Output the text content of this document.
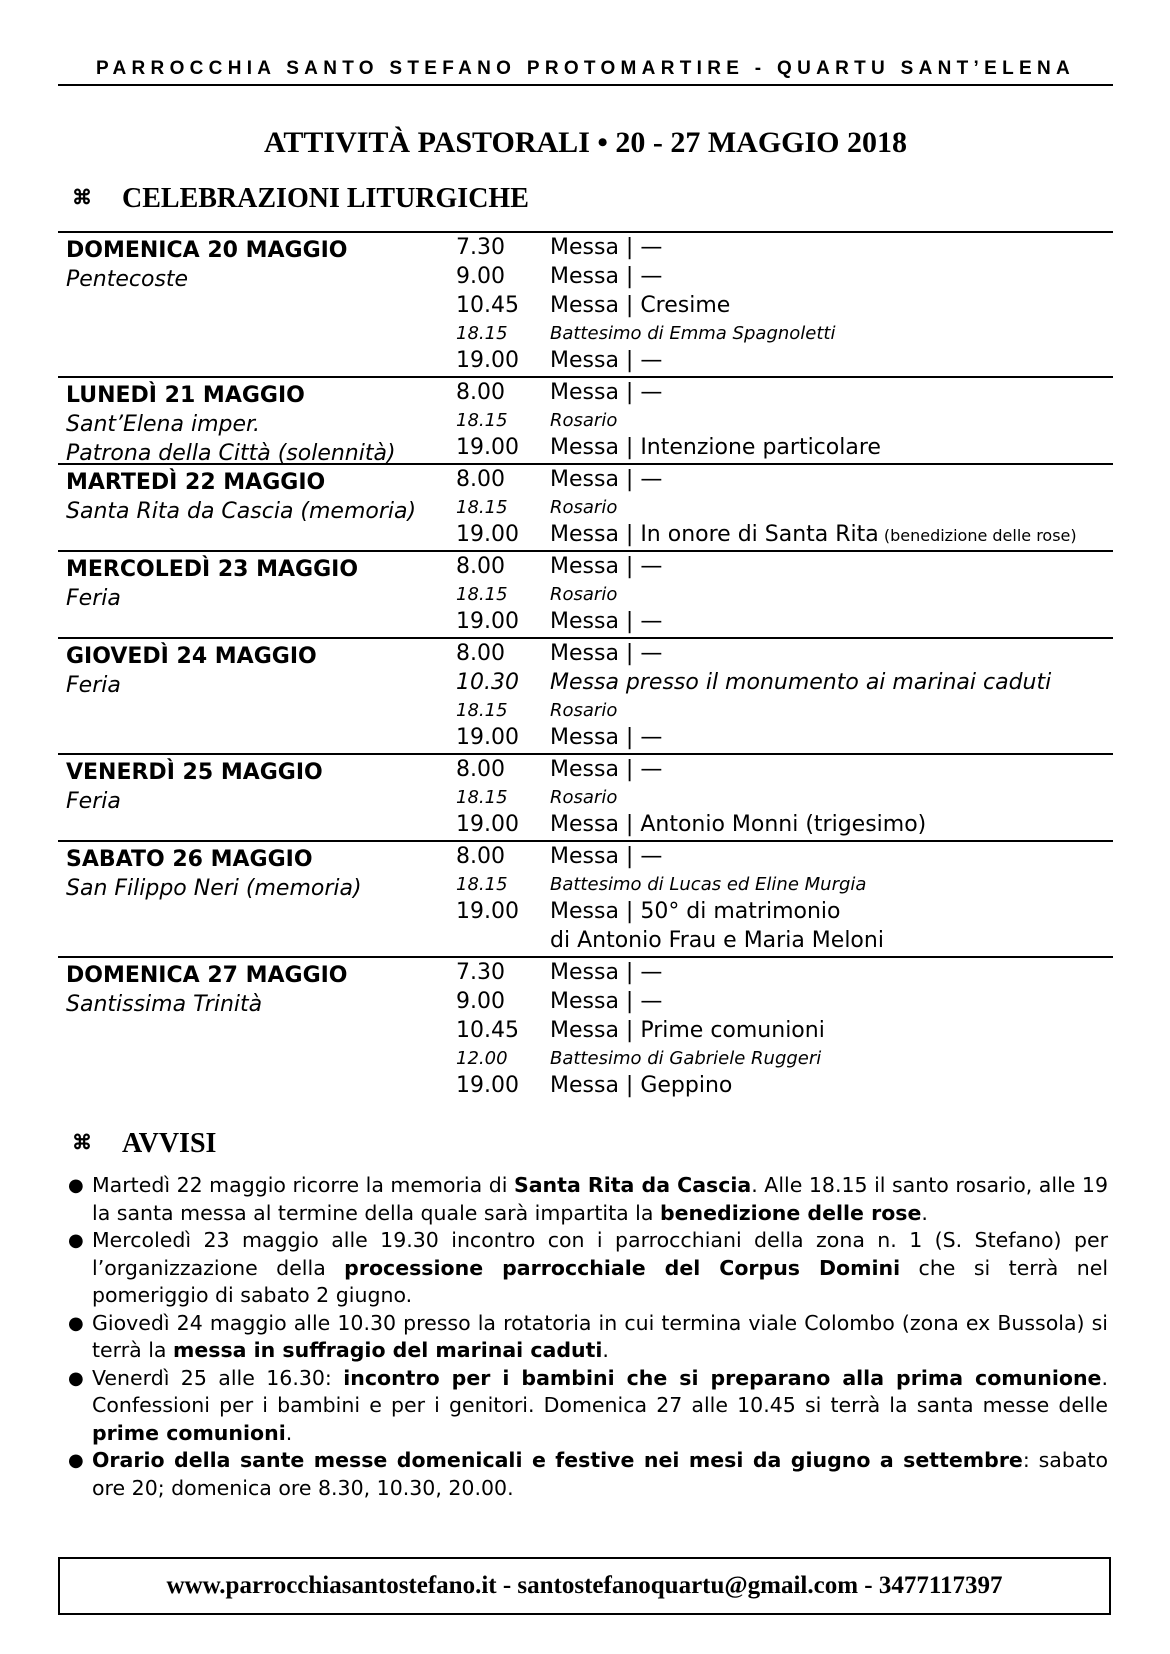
PARROCCHIA SANTO STEFANO PROTOMARTIRE - QUARTU SANT’ELENA
ATTIVITÀ PASTORALI • 20 - 27 MAGGIO 2018
⌘ CELEBRAZIONI LITURGICHE
DOMENICA 20 MAGGIO
Pentecoste
7.30	Messa | —
9.00	Messa | —
10.45	Messa | Cresime
18.15	Battesimo di Emma Spagnoletti
19.00	Messa | —
LUNEDÌ 21 MAGGIO
Sant’Elena imper.
Patrona della Città (solennità)
8.00	Messa | —
18.15	Rosario
19.00	Messa | Intenzione particolare
MARTEDÌ 22 MAGGIO
Santa Rita da Cascia (memoria)
8.00	Messa | —
18.15	Rosario
19.00	Messa | In onore di Santa Rita (benedizione delle rose)
MERCOLEDÌ 23 MAGGIO
Feria
8.00	Messa | —
18.15	Rosario
19.00	Messa | —
GIOVEDÌ 24 MAGGIO
Feria
8.00	Messa | —
10.30	Messa presso il monumento ai marinai caduti
18.15	Rosario
19.00	Messa | —
VENERDÌ 25 MAGGIO
Feria
8.00	Messa | —
18.15	Rosario
19.00	Messa | Antonio Monni (trigesimo)
SABATO 26 MAGGIO
San Filippo Neri (memoria)
8.00	Messa | —
18.15	Battesimo di Lucas ed Eline Murgia
19.00	Messa | 50° di matrimonio
di Antonio Frau e Maria Meloni
DOMENICA 27 MAGGIO
Santissima Trinità
7.30	Messa | —
9.00	Messa | —
10.45	Messa | Prime comunioni
12.00	Battesimo di Gabriele Ruggeri
19.00	Messa | Geppino
⌘ AVVISI
● Martedì 22 maggio ricorre la memoria di Santa Rita da Cascia. Alle 18.15 il santo rosario, alle 19 la santa messa al termine della quale sarà impartita la benedizione delle rose.
● Mercoledì 23 maggio alle 19.30 incontro con i parrocchiani della zona n. 1 (S. Stefano) per l’organizzazione della processione parrocchiale del Corpus Domini che si terrà nel pomeriggio di sabato 2 giugno.
● Giovedì 24 maggio alle 10.30 presso la rotatoria in cui termina viale Colombo (zona ex Bussola) si terrà la messa in suffragio del marinai caduti.
● Venerdì 25 alle 16.30: incontro per i bambini che si preparano alla prima comunione. Confessioni per i bambini e per i genitori. Domenica 27 alle 10.45 si terrà la santa messe delle prime comunioni.
● Orario della sante messe domenicali e festive nei mesi da giugno a settembre: sabato ore 20; domenica ore 8.30, 10.30, 20.00.
www.parrocchiasantostefano.it - santostefanoquartu@gmail.com - 3477117397
